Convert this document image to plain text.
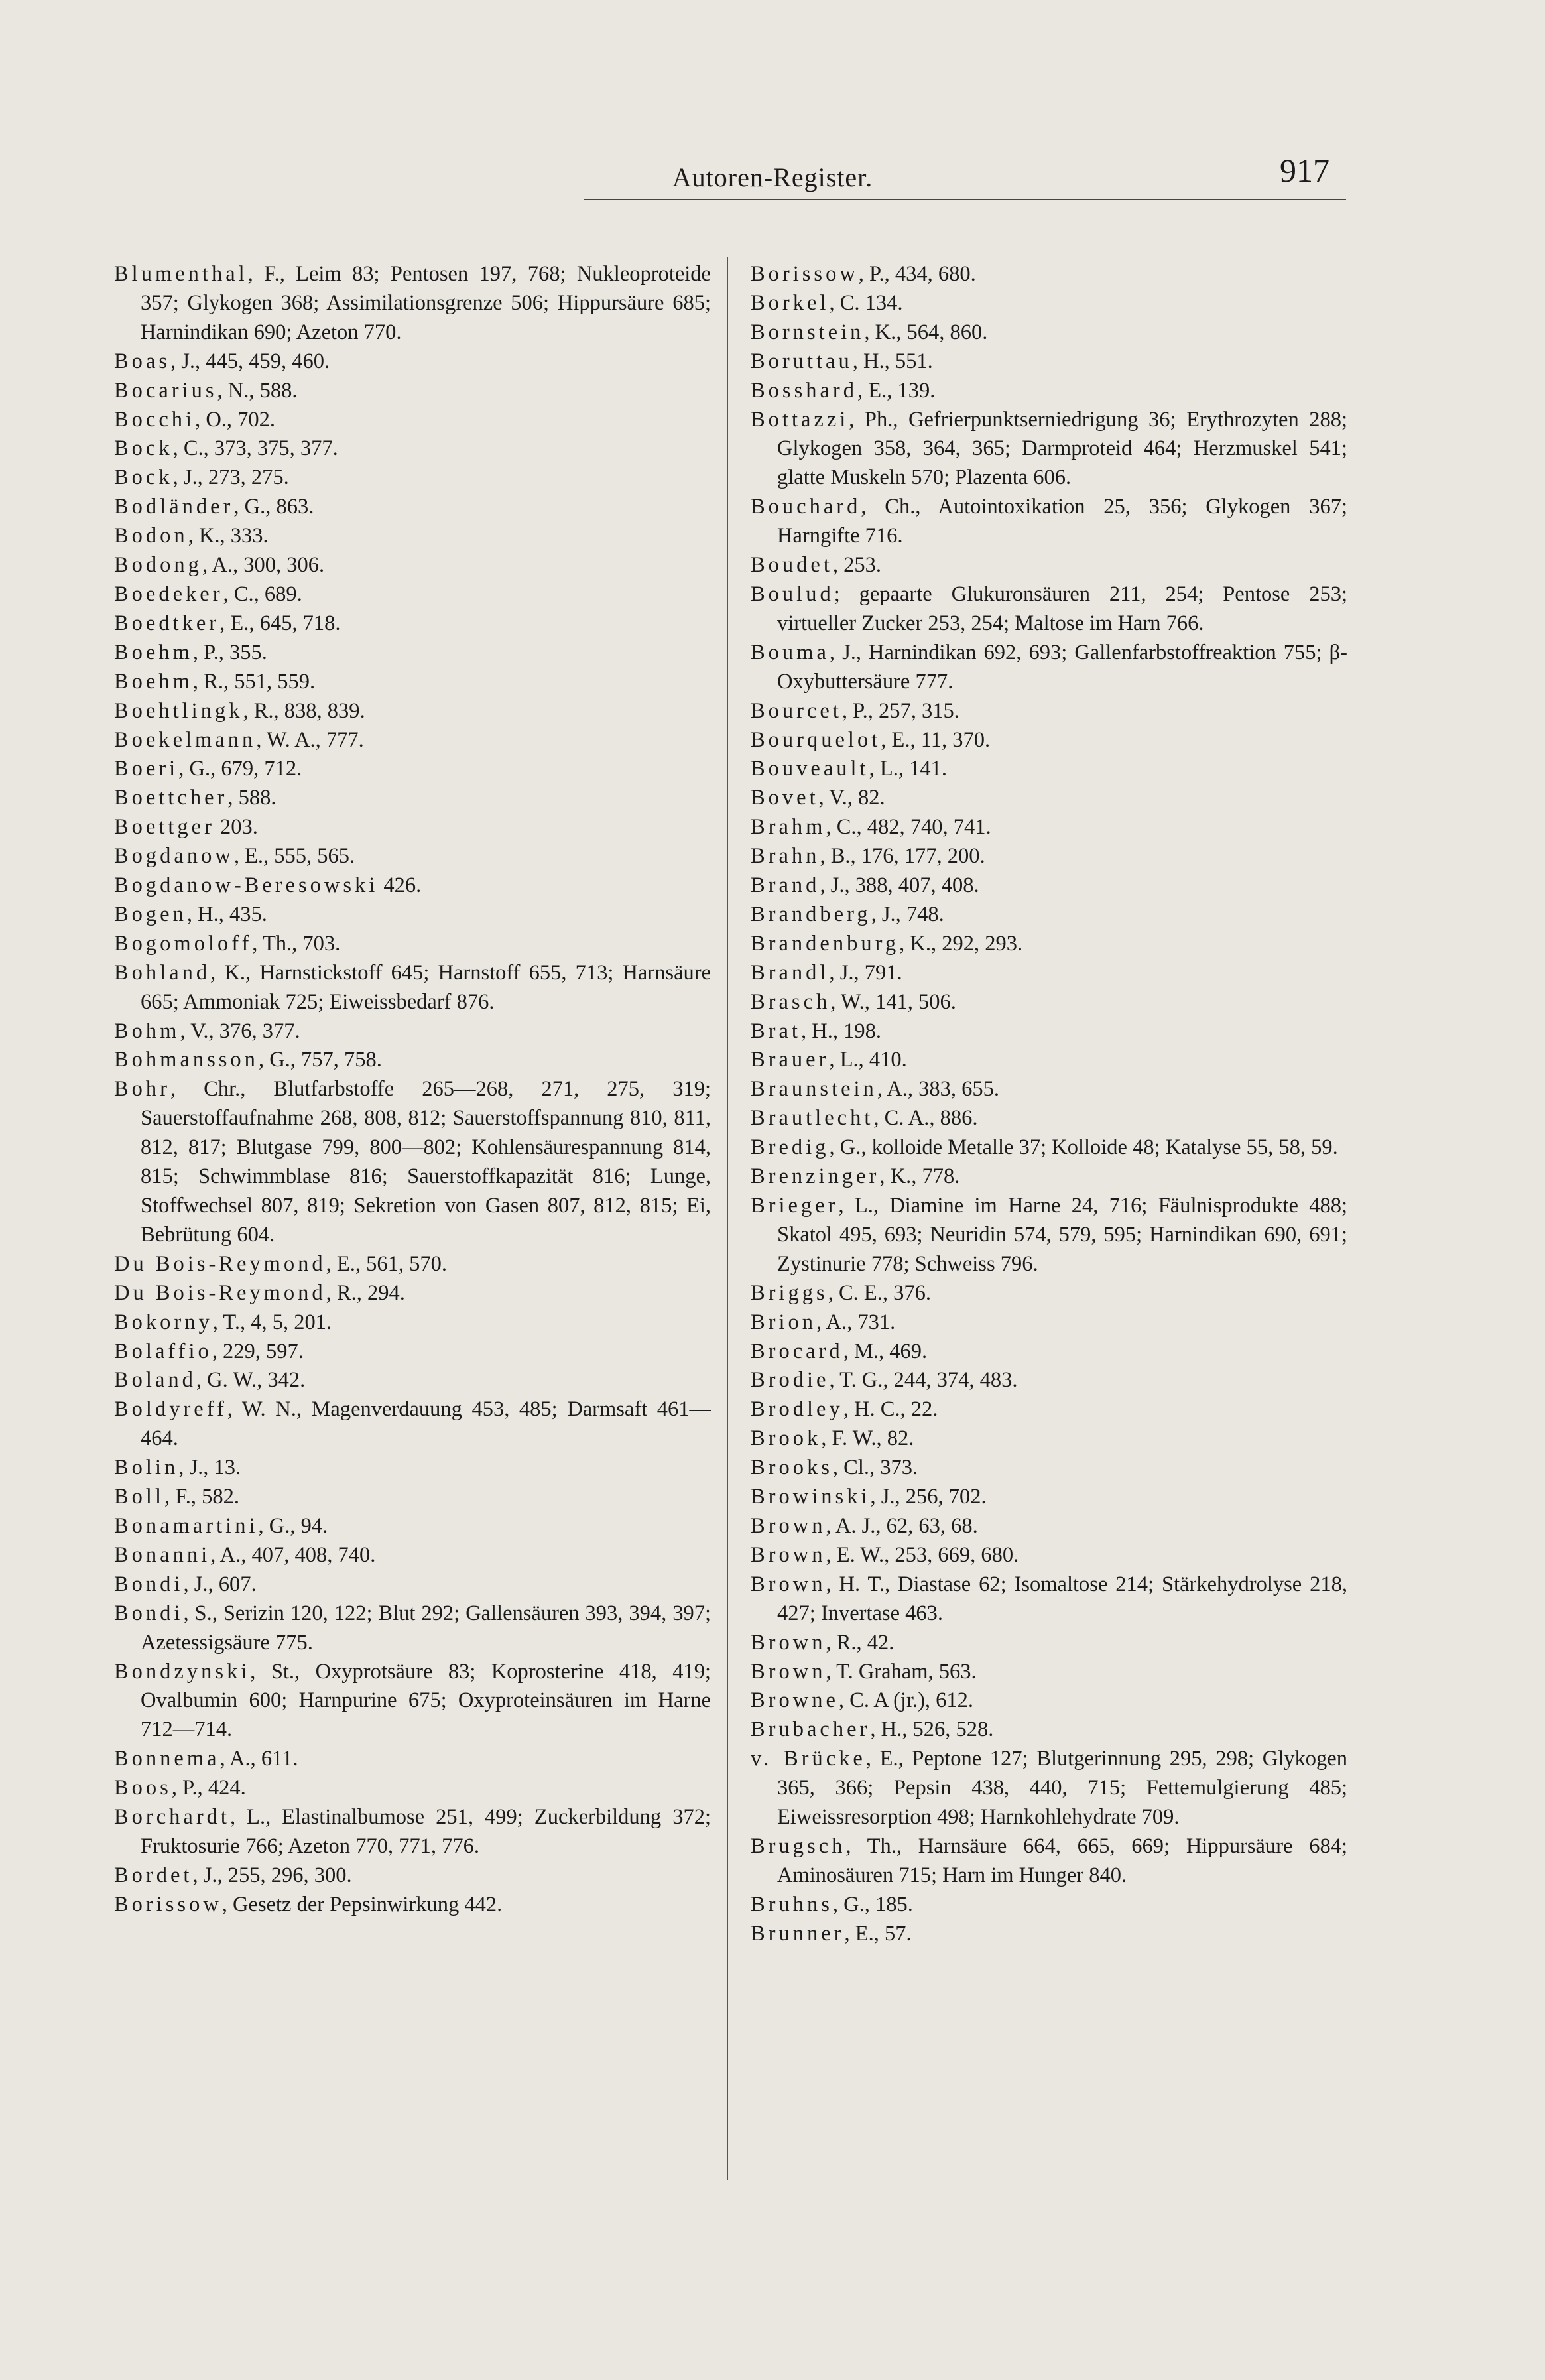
Autoren-Register.	917

Blumenthal, F., Leim 83; Pentosen 197, 768; Nukleoproteide 357; Glykogen 368; Assimilationsgrenze 506; Hippursäure 685; Harnindikan 690; Azeton 770.

Boas, J., 445, 459, 460.

Bocarius, N., 588.

Bocchi, O., 702.

Bock, C., 373, 375, 377.

Bock, J., 273, 275.

Bodländer, G., 863.

Bodon, K., 333.

Bodong, A., 300, 306.

Boedeker, C., 689.

Boedtker, E., 645, 718.

Boehm, P., 355.

Boehm, R., 551, 559.

Boehtlingk, R., 838, 839.

Boekelmann, W. A., 777.

Boeri, G., 679, 712.

Boettcher, 588.

Boettger 203.

Bogdanow, E., 555, 565.

Bogdanow-Beresowski 426.

Bogen, H., 435.

Bogomoloff, Th., 703.

Bohland, K., Harnstickstoff 645; Harnstoff 655, 713; Harnsäure 665; Ammoniak 725; Eiweissbedarf 876.

Bohm, V., 376, 377.

Bohmansson, G., 757, 758.

Bohr, Chr., Blutfarbstoffe 265—268, 271, 275, 319; Sauerstoffaufnahme 268, 808, 812; Sauerstoffspannung 810, 811, 812, 817; Blutgase 799, 800—802; Kohlensäurespannung 814, 815; Schwimmblase 816; Sauerstoffkapazität 816; Lunge, Stoffwechsel 807, 819; Sekretion von Gasen 807, 812, 815; Ei, Bebrütung 604.

Du Bois-Reymond, E., 561, 570.

Du Bois-Reymond, R., 294.

Bokorny, T., 4, 5, 201.

Bolaffio, 229, 597.

Boland, G. W., 342.

Boldyreff, W. N., Magenverdauung 453, 485; Darmsaft 461—464.

Bolin, J., 13.

Boll, F., 582.

Bonamartini, G., 94.

Bonanni, A., 407, 408, 740.

Bondi, J., 607.

Bondi, S., Serizin 120, 122; Blut 292; Gallensäuren 393, 394, 397; Azetessigsäure 775.

Bondzynski, St., Oxyprotsäure 83; Koprosterine 418, 419; Ovalbumin 600; Harnpurine 675; Oxyproteinsäuren im Harne 712—714.

Bonnema, A., 611.

Boos, P., 424.

Borchardt, L., Elastinalbumose 251, 499; Zuckerbildung 372; Fruktosurie 766; Azeton 770, 771, 776.

Bordet, J., 255, 296, 300.

Borissow, Gesetz der Pepsinwirkung 442.

Borissow, P., 434, 680.

Borkel, C. 134.

Bornstein, K., 564, 860.

Boruttau, H., 551.

Bosshard, E., 139.

Bottazzi, Ph., Gefrierpunktserniedrigung 36; Erythrozyten 288; Glykogen 358, 364, 365; Darmproteid 464; Herzmuskel 541; glatte Muskeln 570; Plazenta 606.

Bouchard, Ch., Autointoxikation 25, 356; Glykogen 367; Harngifte 716.

Boudet, 253.

Boulud; gepaarte Glukuronsäuren 211, 254; Pentose 253; virtueller Zucker 253, 254; Maltose im Harn 766.

Bouma, J., Harnindikan 692, 693; Gallenfarbstoffreaktion 755; β-Oxybuttersäure 777.

Bourcet, P., 257, 315.

Bourquelot, E., 11, 370.

Bouveault, L., 141.

Bovet, V., 82.

Brahm, C., 482, 740, 741.

Brahn, B., 176, 177, 200.

Brand, J., 388, 407, 408.

Brandberg, J., 748.

Brandenburg, K., 292, 293.

Brandl, J., 791.

Brasch, W., 141, 506.

Brat, H., 198.

Brauer, L., 410.

Braunstein, A., 383, 655.

Brautlecht, C. A., 886.

Bredig, G., kolloide Metalle 37; Kolloide 48; Katalyse 55, 58, 59.

Brenzinger, K., 778.

Brieger, L., Diamine im Harne 24, 716; Fäulnisprodukte 488; Skatol 495, 693; Neuridin 574, 579, 595; Harnindikan 690, 691; Zystinurie 778; Schweiss 796.

Briggs, C. E., 376.

Brion, A., 731.

Brocard, M., 469.

Brodie, T. G., 244, 374, 483.

Brodley, H. C., 22.

Brook, F. W., 82.

Brooks, Cl., 373.

Browinski, J., 256, 702.

Brown, A. J., 62, 63, 68.

Brown, E. W., 253, 669, 680.

Brown, H. T., Diastase 62; Isomaltose 214; Stärkehydrolyse 218, 427; Invertase 463.

Brown, R., 42.

Brown, T. Graham, 563.

Browne, C. A (jr.), 612.

Brubacher, H., 526, 528.

v. Brücke, E., Peptone 127; Blutgerinnung 295, 298; Glykogen 365, 366; Pepsin 438, 440, 715; Fettemulgierung 485; Eiweissresorption 498; Harnkohlehydrate 709.

Brugsch, Th., Harnsäure 664, 665, 669; Hippursäure 684; Aminosäuren 715; Harn im Hunger 840.

Bruhns, G., 185.

Brunner, E., 57.
